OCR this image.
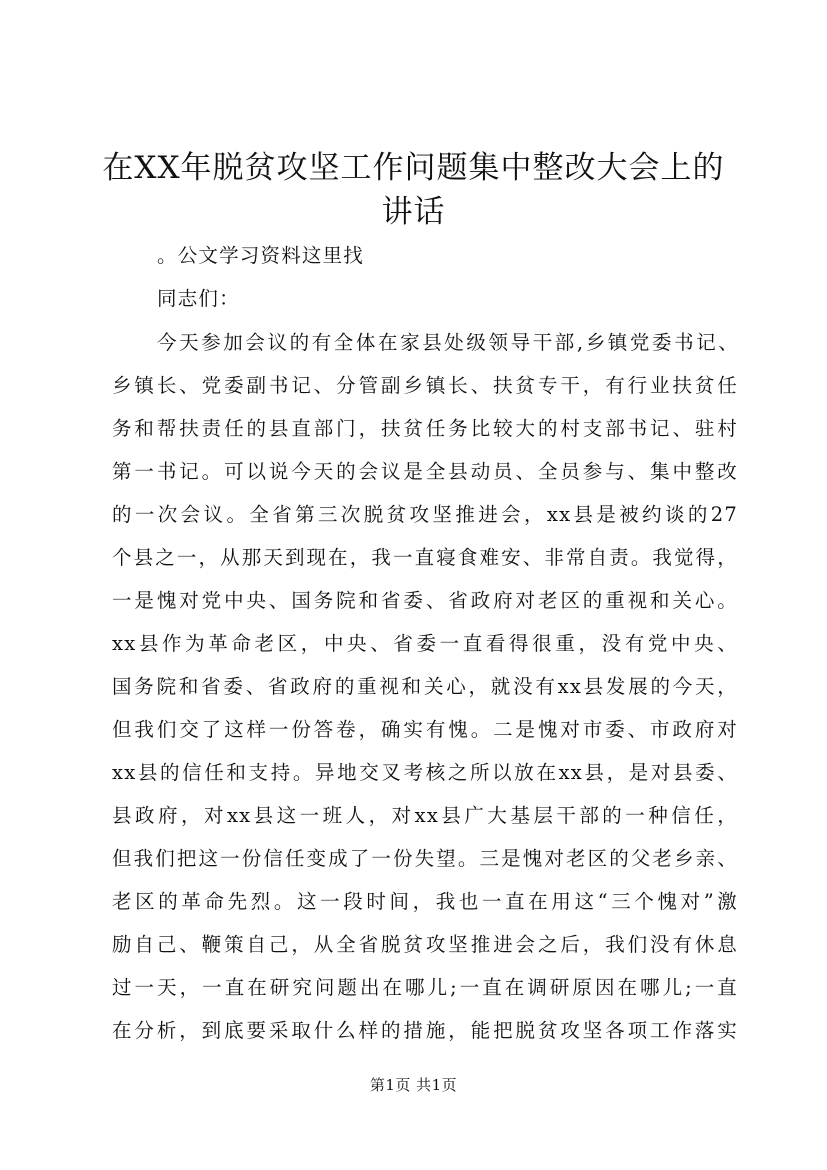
在XX年脱贫攻坚工作问题集中整改大会上的
讲话
。公文学习资料这里找
同志们：
今天参加会议的有全体在家县处级领导干部,乡镇党委书记、
乡镇长、党委副书记、分管副乡镇长、扶贫专干，有行业扶贫任
务和帮扶责任的县直部门，扶贫任务比较大的村支部书记、驻村
第一书记。可以说今天的会议是全县动员、全员参与、集中整改
的一次会议。全省第三次脱贫攻坚推进会，xx县是被约谈的27
个县之一，从那天到现在，我一直寝食难安、非常自责。我觉得，
一是愧对党中央、国务院和省委、省政府对老区的重视和关心。
xx县作为革命老区，中央、省委一直看得很重，没有党中央、
国务院和省委、省政府的重视和关心，就没有xx县发展的今天，
但我们交了这样一份答卷，确实有愧。二是愧对市委、市政府对
xx县的信任和支持。异地交叉考核之所以放在xx县，是对县委、
县政府，对xx县这一班人，对xx县广大基层干部的一种信任，
但我们把这一份信任变成了一份失望。三是愧对老区的父老乡亲、
老区的革命先烈。这一段时间，我也一直在用这“三个愧对”激
励自己、鞭策自己，从全省脱贫攻坚推进会之后，我们没有休息
过一天，一直在研究问题出在哪儿;一直在调研原因在哪儿;一直
在分析，到底要采取什么样的措施，能把脱贫攻坚各项工作落实
第1页 共1页
